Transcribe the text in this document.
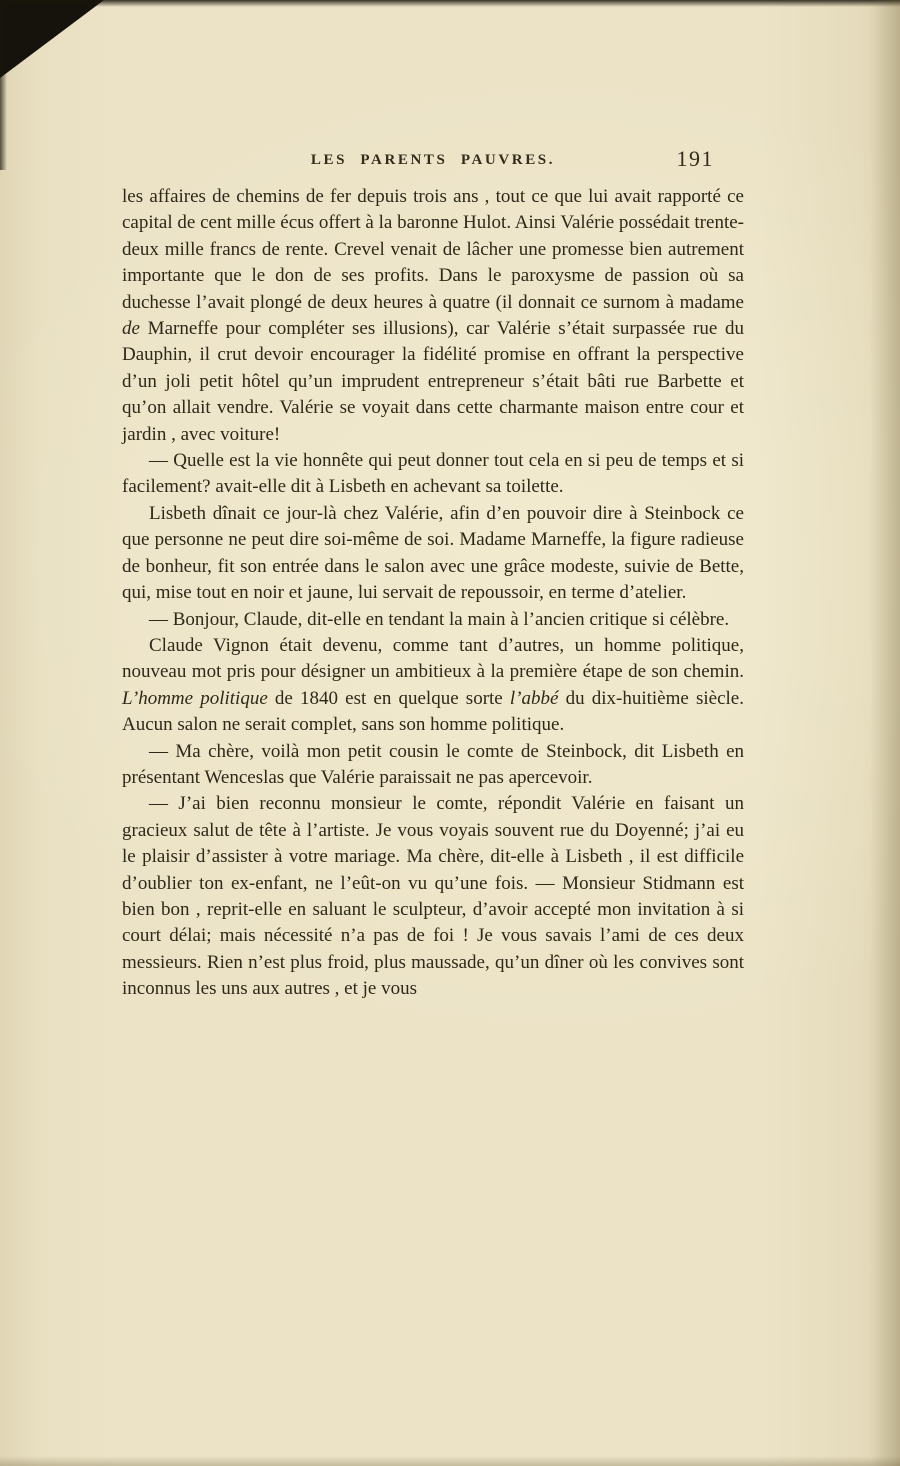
LES PARENTS PAUVRES.	191

les affaires de chemins de fer depuis trois ans , tout ce que lui avait rapporté ce capital de cent mille écus offert à la baronne Hulot. Ainsi Valérie possédait trente-deux mille francs de rente. Crevel venait de lâcher une promesse bien autrement importante que le don de ses profits. Dans le paroxysme de passion où sa duchesse l’avait plongé de deux heures à quatre (il donnait ce surnom à madame de Marneffe pour compléter ses illusions), car Valérie s’était surpassée rue du Dauphin, il crut devoir encourager la fidélité promise en offrant la perspective d’un joli petit hôtel qu’un imprudent entrepreneur s’était bâti rue Barbette et qu’on allait vendre. Valérie se voyait dans cette charmante maison entre cour et jardin , avec voiture!

— Quelle est la vie honnête qui peut donner tout cela en si peu de temps et si facilement? avait-elle dit à Lisbeth en achevant sa toilette.

Lisbeth dînait ce jour-là chez Valérie, afin d’en pouvoir dire à Steinbock ce que personne ne peut dire soi-même de soi. Madame Marneffe, la figure radieuse de bonheur, fit son entrée dans le salon avec une grâce modeste, suivie de Bette, qui, mise tout en noir et jaune, lui servait de repoussoir, en terme d’atelier.

— Bonjour, Claude, dit-elle en tendant la main à l’ancien critique si célèbre.

Claude Vignon était devenu, comme tant d’autres, un homme politique, nouveau mot pris pour désigner un ambitieux à la première étape de son chemin. L’homme politique de 1840 est en quelque sorte l’abbé du dix-huitième siècle. Aucun salon ne serait complet, sans son homme politique.

— Ma chère, voilà mon petit cousin le comte de Steinbock, dit Lisbeth en présentant Wenceslas que Valérie paraissait ne pas apercevoir.

— J’ai bien reconnu monsieur le comte, répondit Valérie en faisant un gracieux salut de tête à l’artiste. Je vous voyais souvent rue du Doyenné; j’ai eu le plaisir d’assister à votre mariage. Ma chère, dit-elle à Lisbeth , il est difficile d’oublier ton ex-enfant, ne l’eût-on vu qu’une fois. — Monsieur Stidmann est bien bon , reprit-elle en saluant le sculpteur, d’avoir accepté mon invitation à si court délai; mais nécessité n’a pas de foi ! Je vous savais l’ami de ces deux messieurs. Rien n’est plus froid, plus maussade, qu’un dîner où les convives sont inconnus les uns aux autres , et je vous
